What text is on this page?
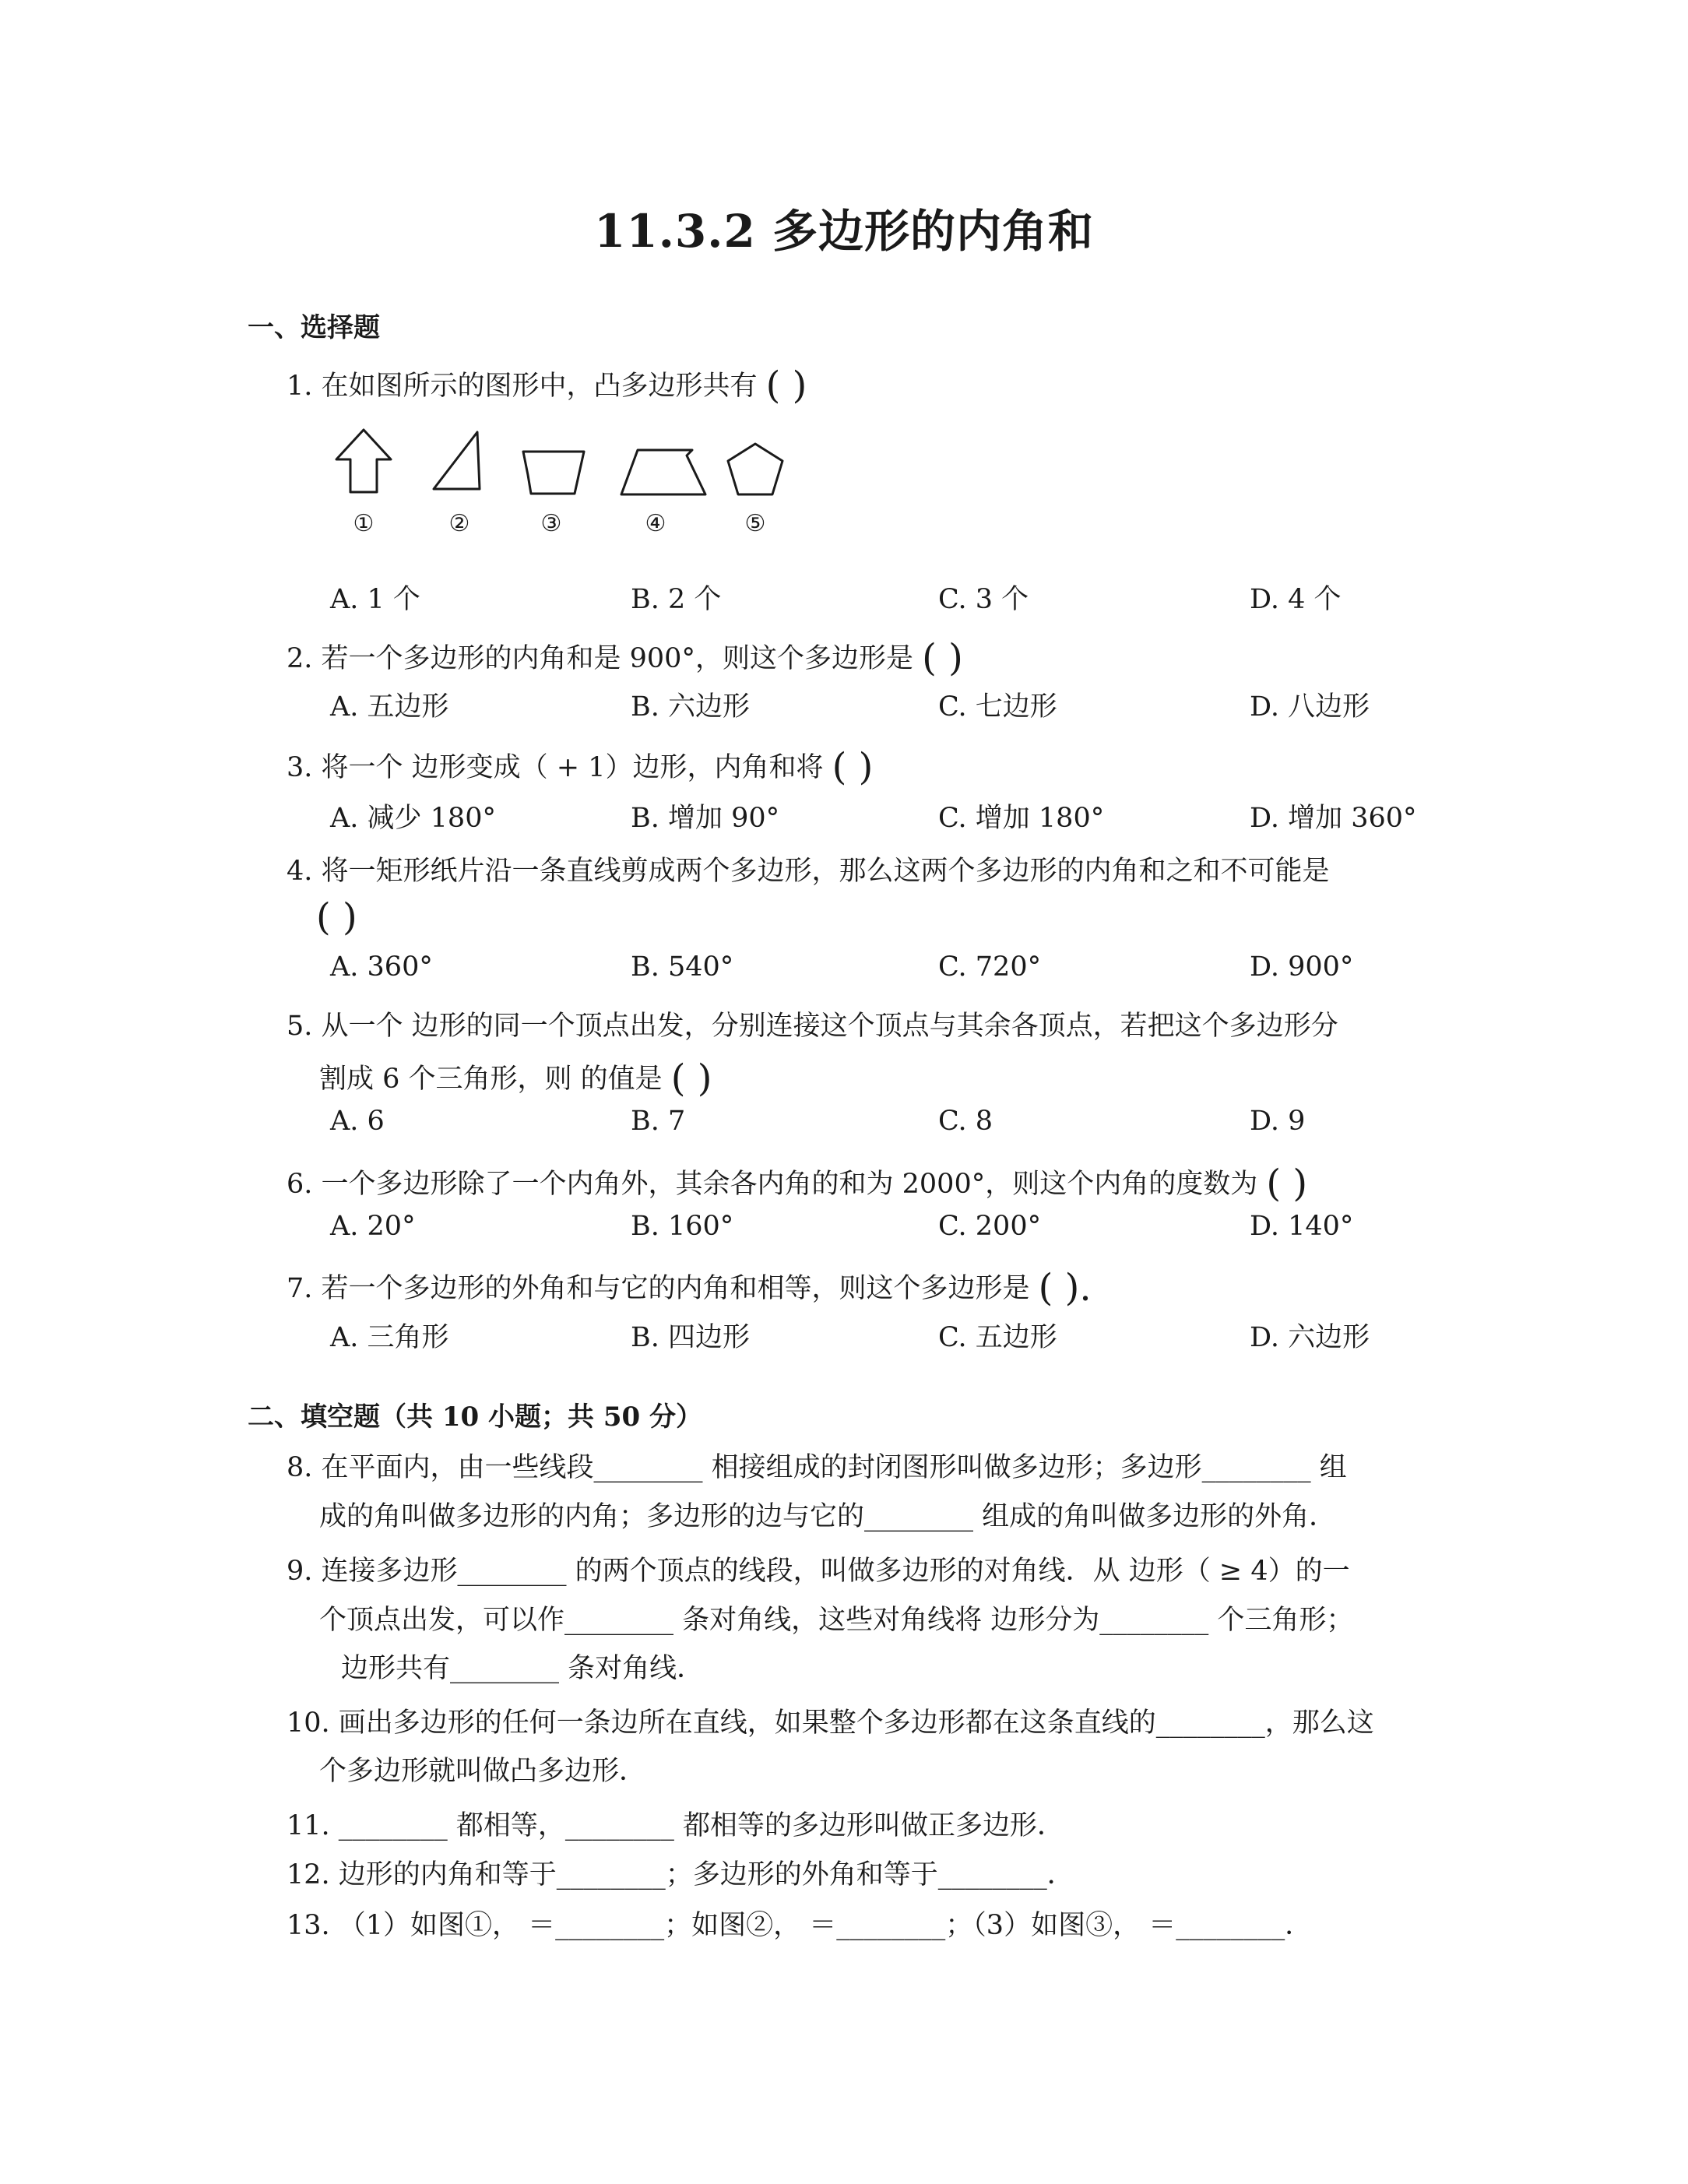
11.3.2 多边形的内角和
一、选择题
1. 在如图所示的图形中，凸多边形共有 ( )
①	②	③	④	⑤
A. 1 个	B. 2 个	C. 3 个	D. 4 个
2. 若一个多边形的内角和是 900°，则这个多边形是 ( )
A. 五边形	B. 六边形	C. 七边形	D. 八边形
3. 将一个 边形变成（ + 1）边形，内角和将 ( )
A. 减少 180°	B. 增加 90°	C. 增加 180°	D. 增加 360°
4. 将一矩形纸片沿一条直线剪成两个多边形，那么这两个多边形的内角和之和不可能是
( )
A. 360°	B. 540°	C. 720°	D. 900°
5. 从一个 边形的同一个顶点出发，分别连接这个顶点与其余各顶点，若把这个多边形分
割成 6 个三角形，则 的值是 ( )
A. 6	B. 7	C. 8	D. 9
6. 一个多边形除了一个内角外，其余各内角的和为 2000°，则这个内角的度数为 ( )
A. 20°	B. 160°	C. 200°	D. 140°
7. 若一个多边形的外角和与它的内角和相等，则这个多边形是 ( ).
A. 三角形	B. 四边形	C. 五边形	D. 六边形
二、填空题（共 10 小题；共 50 分）
8. 在平面内，由一些线段________ 相接组成的封闭图形叫做多边形；多边形________ 组
成的角叫做多边形的内角；多边形的边与它的________ 组成的角叫做多边形的外角．
9. 连接多边形________ 的两个顶点的线段，叫做多边形的对角线．从 边形（ ≥ 4）的一
个顶点出发，可以作________ 条对角线，这些对角线将 边形分为________ 个三角形；
边形共有________ 条对角线．
10. 画出多边形的任何一条边所在直线，如果整个多边形都在这条直线的________，那么这
个多边形就叫做凸多边形．
11. ________ 都相等，________ 都相等的多边形叫做正多边形．
12. 边形的内角和等于________；多边形的外角和等于________．
13. （1）如图①， ＝________；如图②， ＝________；（3）如图③， ＝________．
